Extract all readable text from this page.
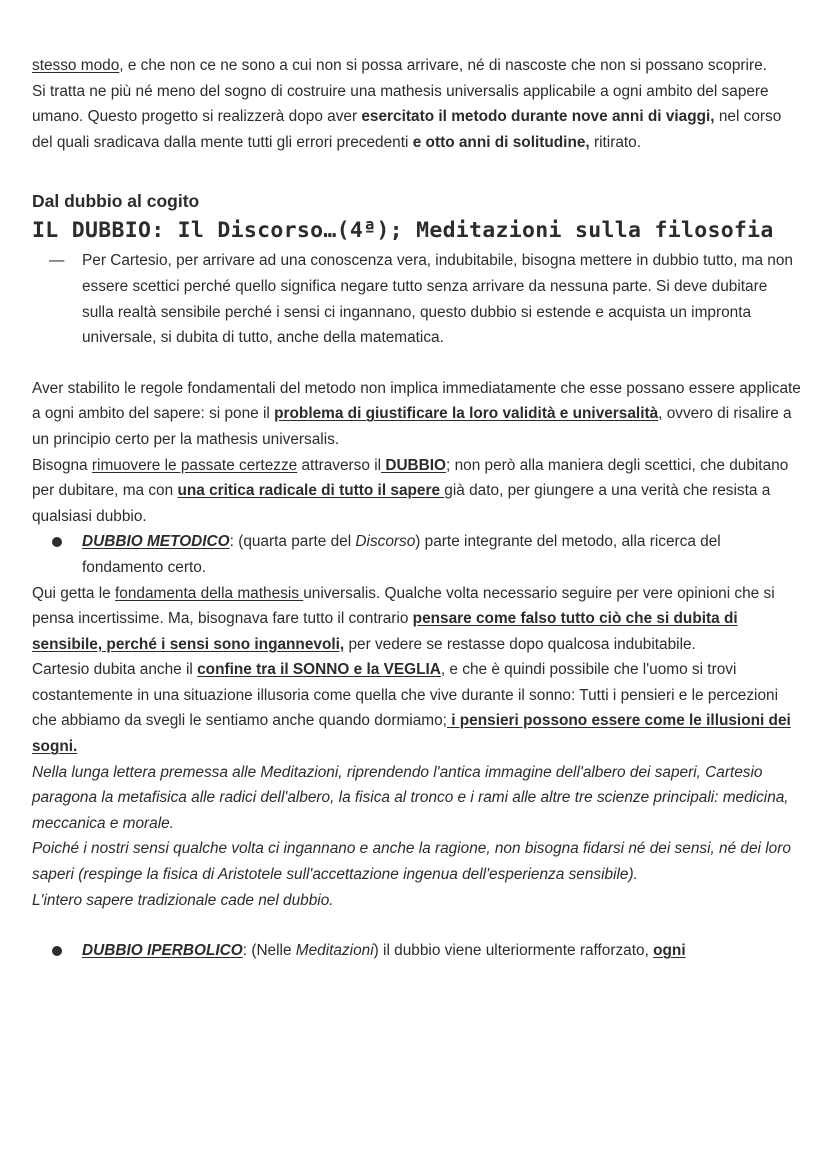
stesso modo, e che non ce ne sono a cui non si possa arrivare, né di nascoste che non si possano scoprire.

Si tratta ne più né meno del sogno di costruire una mathesis universalis applicabile a ogni ambito del sapere umano. Questo progetto si realizzerà dopo aver esercitato il metodo durante nove anni di viaggi, nel corso del quali sradicava dalla mente tutti gli errori precedenti e otto anni di solitudine, ritirato.

Dal dubbio al cogito
IL DUBBIO: Il Discorso…(4ª); Meditazioni sulla filosofia
— Per Cartesio, per arrivare ad una conoscenza vera, indubitabile, bisogna mettere in dubbio tutto, ma non essere scettici perché quello significa negare tutto senza arrivare da nessuna parte. Si deve dubitare sulla realtà sensibile perché i sensi ci ingannano, questo dubbio si estende e acquista un impronta universale, si dubita di tutto, anche della matematica.

Aver stabilito le regole fondamentali del metodo non implica immediatamente che esse possano essere applicate a ogni ambito del sapere: si pone il problema di giustificare la loro validità e universalità, ovvero di risalire a un principio certo per la mathesis universalis.

Bisogna rimuovere le passate certezze attraverso il DUBBIO; non però alla maniera degli scettici, che dubitano per dubitare, ma con una critica radicale di tutto il sapere già dato, per giungere a una verità che resista a qualsiasi dubbio.

DUBBIO METODICO: (quarta parte del Discorso) parte integrante del metodo, alla ricerca del fondamento certo.

Qui getta le fondamenta della mathesis universalis. Qualche volta necessario seguire per vere opinioni che si pensa incertissime. Ma, bisognava fare tutto il contrario pensare come falso tutto ciò che si dubita di sensibile, perché i sensi sono ingannevoli, per vedere se restasse dopo qualcosa indubitabile.

Cartesio dubita anche il confine tra il SONNO e la VEGLIA, e che è quindi possibile che l'uomo si trovi costantemente in una situazione illusoria come quella che vive durante il sonno: Tutti i pensieri e le percezioni che abbiamo da svegli le sentiamo anche quando dormiamo; i pensieri possono essere come le illusioni dei sogni.

Nella lunga lettera premessa alle Meditazioni, riprendendo l'antica immagine dell'albero dei saperi, Cartesio paragona la metafisica alle radici dell'albero, la fisica al tronco e i rami alle altre tre scienze principali: medicina, meccanica e morale.

Poiché i nostri sensi qualche volta ci ingannano e anche la ragione, non bisogna fidarsi né dei sensi, né dei loro saperi (respinge la fisica di Aristotele sull'accettazione ingenua dell'esperienza sensibile).

L'intero sapere tradizionale cade nel dubbio.

DUBBIO IPERBOLICO: (Nelle Meditazioni) il dubbio viene ulteriormente rafforzato, ogni
